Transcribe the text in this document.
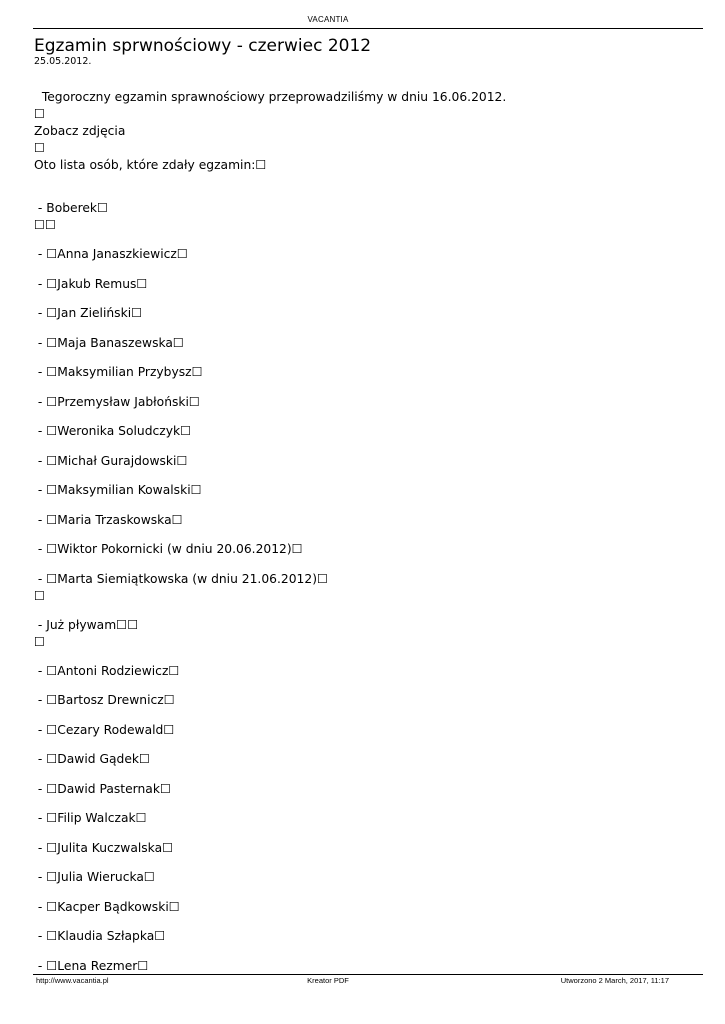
VACANTIA
Egzamin sprwnościowy - czerwiec 2012
25.05.2012.
Tegoroczny egzamin sprawnościowy przeprowadziliśmy w dniu 16.06.2012.
☐
Zobacz zdjęcia
☐
Oto lista osób, które zdały egzamin:☐
- Boberek☐
☐☐
- ☐Anna Janaszkiewicz☐
- ☐Jakub Remus☐
- ☐Jan Zieliński☐
- ☐Maja Banaszewska☐
- ☐Maksymilian Przybysz☐
- ☐Przemysław Jabłoński☐
- ☐Weronika Soludczyk☐
- ☐Michał Gurajdowski☐
- ☐Maksymilian Kowalski☐
- ☐Maria Trzaskowska☐
- ☐Wiktor Pokornicki (w dniu 20.06.2012)☐
- ☐Marta Siemiątkowska (w dniu 21.06.2012)☐
☐
- Już pływam☐☐
☐
- ☐Antoni Rodziewicz☐
- ☐Bartosz Drewnicz☐
- ☐Cezary Rodewald☐
- ☐Dawid Gądek☐
- ☐Dawid Pasternak☐
- ☐Filip Walczak☐
- ☐Julita Kuczwalska☐
- ☐Julia Wierucka☐
- ☐Kacper Bądkowski☐
- ☐Klaudia Szłapka☐
- ☐Lena Rezmer☐
http://www.vacantia.pl	Kreator PDF	Utworzono 2 March, 2017, 11:17
